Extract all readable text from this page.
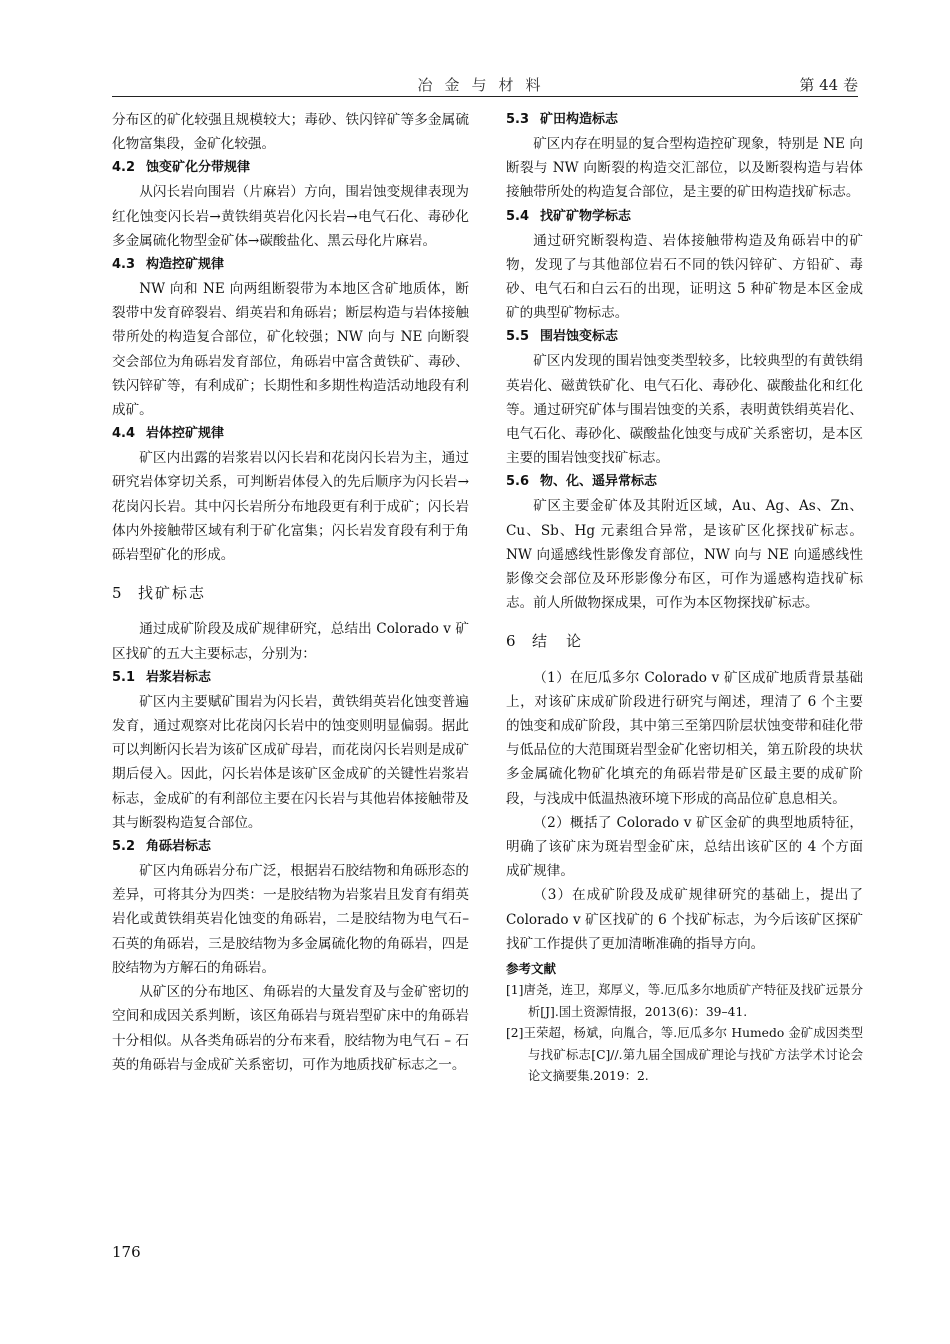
冶金与材料	第 44 卷

分布区的矿化较强且规模较大；毒砂、铁闪锌矿等多金属硫化物富集段，金矿化较强。

4.2 蚀变矿化分带规律

从闪长岩向围岩（片麻岩）方向，围岩蚀变规律表现为红化蚀变闪长岩→黄铁绢英岩化闪长岩→电气石化、毒砂化多金属硫化物型金矿体→碳酸盐化、黑云母化片麻岩。

4.3 构造控矿规律

NW 向和 NE 向两组断裂带为本地区含矿地质体，断裂带中发育碎裂岩、绢英岩和角砾岩；断层构造与岩体接触带所处的构造复合部位，矿化较强；NW 向与 NE 向断裂交会部位为角砾岩发育部位，角砾岩中富含黄铁矿、毒砂、铁闪锌矿等，有利成矿；长期性和多期性构造活动地段有利成矿。

4.4 岩体控矿规律

矿区内出露的岩浆岩以闪长岩和花岗闪长岩为主，通过研究岩体穿切关系，可判断岩体侵入的先后顺序为闪长岩→花岗闪长岩。其中闪长岩所分布地段更有利于成矿；闪长岩体内外接触带区域有利于矿化富集；闪长岩发育段有利于角砾岩型矿化的形成。

5 找矿标志

通过成矿阶段及成矿规律研究，总结出 Colorado v 矿区找矿的五大主要标志，分别为：

5.1 岩浆岩标志

矿区内主要赋矿围岩为闪长岩，黄铁绢英岩化蚀变普遍发育，通过观察对比花岗闪长岩中的蚀变则明显偏弱。据此可以判断闪长岩为该矿区成矿母岩，而花岗闪长岩则是成矿期后侵入。因此，闪长岩体是该矿区金成矿的关键性岩浆岩标志，金成矿的有利部位主要在闪长岩与其他岩体接触带及其与断裂构造复合部位。

5.2 角砾岩标志

矿区内角砾岩分布广泛，根据岩石胶结物和角砾形态的差异，可将其分为四类：一是胶结物为岩浆岩且发育有绢英岩化或黄铁绢英岩化蚀变的角砾岩，二是胶结物为电气石–石英的角砾岩，三是胶结物为多金属硫化物的角砾岩，四是胶结物为方解石的角砾岩。

从矿区的分布地区、角砾岩的大量发育及与金矿密切的空间和成因关系判断，该区角砾岩与斑岩型矿床中的角砾岩十分相似。从各类角砾岩的分布来看，胶结物为电气石 – 石英的角砾岩与金成矿关系密切，可作为地质找矿标志之一。

5.3 矿田构造标志

矿区内存在明显的复合型构造控矿现象，特别是 NE 向断裂与 NW 向断裂的构造交汇部位，以及断裂构造与岩体接触带所处的构造复合部位，是主要的矿田构造找矿标志。

5.4 找矿矿物学标志

通过研究断裂构造、岩体接触带构造及角砾岩中的矿物，发现了与其他部位岩石不同的铁闪锌矿、方铅矿、毒砂、电气石和白云石的出现，证明这 5 种矿物是本区金成矿的典型矿物标志。

5.5 围岩蚀变标志

矿区内发现的围岩蚀变类型较多，比较典型的有黄铁绢英岩化、磁黄铁矿化、电气石化、毒砂化、碳酸盐化和红化等。通过研究矿体与围岩蚀变的关系，表明黄铁绢英岩化、电气石化、毒砂化、碳酸盐化蚀变与成矿关系密切，是本区主要的围岩蚀变找矿标志。

5.6 物、化、遥异常标志

矿区主要金矿体及其附近区域，Au、Ag、As、Zn、Cu、Sb、Hg 元素组合异常，是该矿区化探找矿标志。NW 向遥感线性影像发育部位，NW 向与 NE 向遥感线性影像交会部位及环形影像分布区，可作为遥感构造找矿标志。前人所做物探成果，可作为本区物探找矿标志。

6 结　论

（1）在厄瓜多尔 Colorado v 矿区成矿地质背景基础上，对该矿床成矿阶段进行研究与阐述，理清了 6 个主要的蚀变和成矿阶段，其中第三至第四阶层状蚀变带和硅化带与低品位的大范围斑岩型金矿化密切相关，第五阶段的块状多金属硫化物矿化填充的角砾岩带是矿区最主要的成矿阶段，与浅成中低温热液环境下形成的高品位矿息息相关。

（2）概括了 Colorado v 矿区金矿的典型地质特征，明确了该矿床为斑岩型金矿床，总结出该矿区的 4 个方面成矿规律。

（3）在成矿阶段及成矿规律研究的基础上，提出了 Colorado v 矿区找矿的 6 个找矿标志，为今后该矿区探矿找矿工作提供了更加清晰准确的指导方向。

参考文献

[1]唐尧，连卫，郑厚义，等.厄瓜多尔地质矿产特征及找矿远景分析[J].国土资源情报，2013(6)：39–41.

[2]王荣超，杨斌，向胤合，等.厄瓜多尔 Humedo 金矿成因类型与找矿标志[C]//.第九届全国成矿理论与找矿方法学术讨论会论文摘要集.2019：2.

176
